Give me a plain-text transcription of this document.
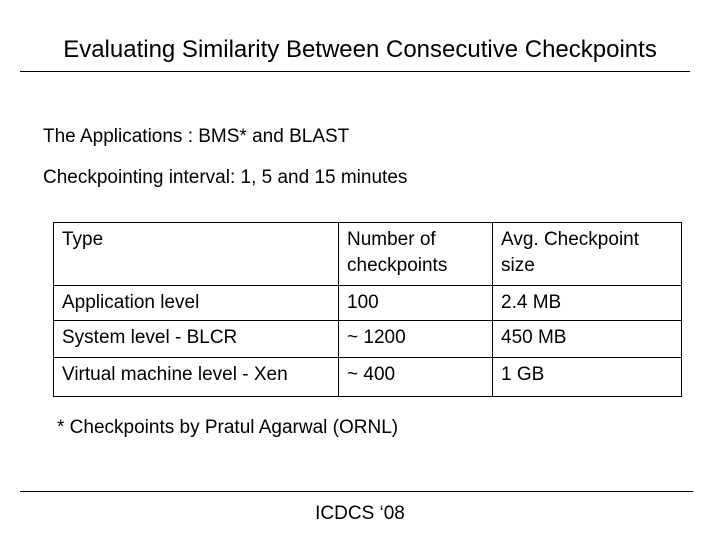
Evaluating Similarity Between Consecutive Checkpoints
The Applications : BMS* and BLAST
Checkpointing interval: 1, 5 and 15 minutes
Type	Number of checkpoints	Avg. Checkpoint size
Application level	100	2.4 MB
System level - BLCR	~ 1200	450 MB
Virtual machine level - Xen	~ 400	1 GB
* Checkpoints by Pratul Agarwal (ORNL)
ICDCS ‘08
